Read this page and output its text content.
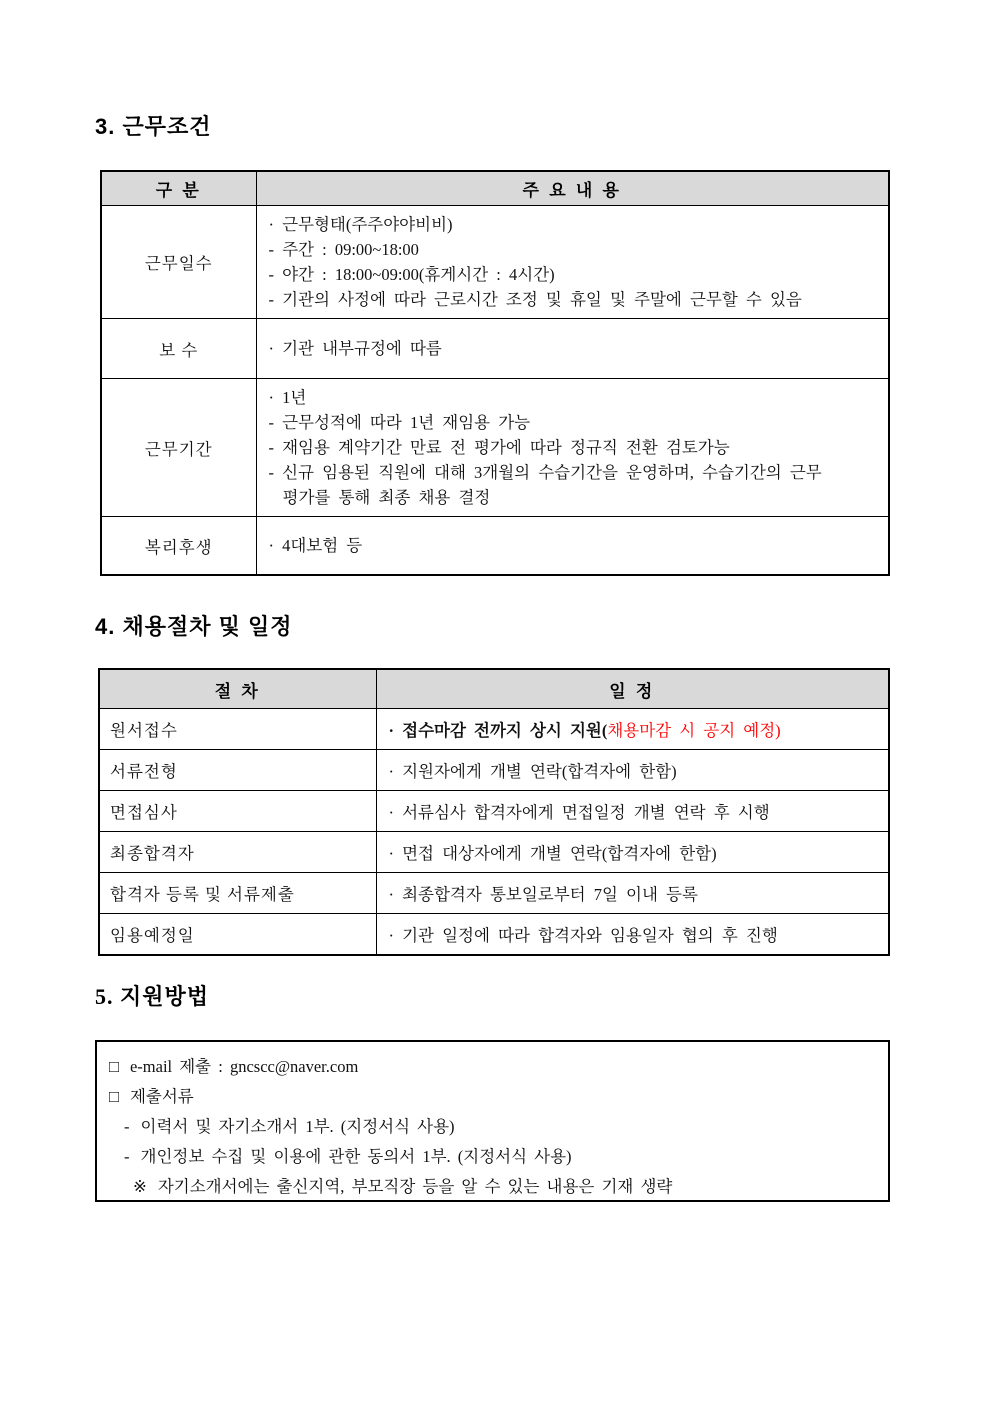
3. 근무조건
구 분	주 요 내 용
근무일수	· 근무형태(주주야야비비)
- 주간 : 09:00~18:00
- 야간 : 18:00~09:00(휴게시간 : 4시간)
- 기관의 사정에 따라 근로시간 조정 및 휴일 및 주말에 근무할 수 있음

보 수	· 기관 내부규정에 따름

근무기간	· 1년
- 근무성적에 따라 1년 재임용 가능
- 재임용 계약기간 만료 전 평가에 따라 정규직 전환 검토가능
- 신규 임용된 직원에 대해 3개월의 수습기간을 운영하며, 수습기간의 근무
평가를 통해 최종 채용 결정

복리후생	· 4대보험 등
4. 채용절차 및 일정
절 차	일 정
원서접수	· 접수마감 전까지 상시 지원(채용마감 시 공지 예정)
서류전형	· 지원자에게 개별 연락(합격자에 한함)
면접심사	· 서류심사 합격자에게 면접일정 개별 연락 후 시행
최종합격자	· 면접 대상자에게 개별 연락(합격자에 한함)
합격자 등록 및 서류제출	· 최종합격자 통보일로부터 7일 이내 등록
임용예정일	· 기관 일정에 따라 합격자와 임용일자 협의 후 진행
5. 지원방법
□ e-mail 제출 : gncscc@naver.com
□ 제출서류
- 이력서 및 자기소개서 1부. (지정서식 사용)
- 개인정보 수집 및 이용에 관한 동의서 1부. (지정서식 사용)
※ 자기소개서에는 출신지역, 부모직장 등을 알 수 있는 내용은 기재 생략
